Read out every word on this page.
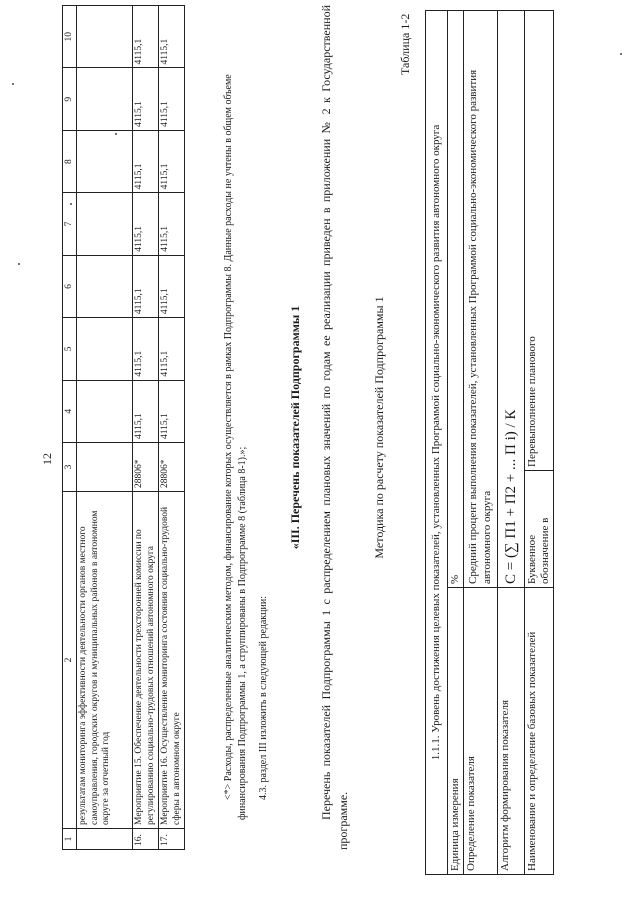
12
1	2	3	4	5	6	7	8	9	10
	результатам мониторинга эффективности деятельности органов местного самоуправления, городских округов и муниципальных районов в автономном округе за отчетный год								
16.	Мероприятие 15. Обеспечение деятельности трехсторонней комиссии по регулированию социально-трудовых отношений автономного округа	28806*	4115,1	4115,1	4115,1	4115,1	4115,1	4115,1	4115,1
17.	Мероприятие 16. Осуществление мониторинга состояния социально-трудовой сферы в автономном округе	28806*	4115,1	4115,1	4115,1	4115,1	4115,1	4115,1	4115,1
<*> Расходы, распределенные аналитическим методом, финансирование которых осуществляется в рамках Подпрограммы 8. Данные расходы не учтены в общем объеме финансирования Подпрограммы 1, а сгруппированы в Подпрограмме 8 (таблица 8-1).»; 4.3. раздел III изложить в следующей редакции:
«III. Перечень показателей Подпрограммы 1 Перечень показателей Подпрограммы 1 с распределением плановых значений по годам ее реализации приведен в приложении № 2 к Государственной программе.
Методика по расчету показателей Подпрограммы 1
Таблица 1-2
1.1.1. Уровень достижения целевых показателей, установленных Программой социально-экономического развития автономного округа		
Единица измерения	%	
Определение показателя	Средний процент выполнения показателей, установленных Программой социально-экономического развития автономного округа	
Алгоритм формирования показателя	C = (∑ П1 + П2 + ... П i) / К	
Наименование и определение базовых показателей	Буквенное обозначение в	Перевыполнение планового
